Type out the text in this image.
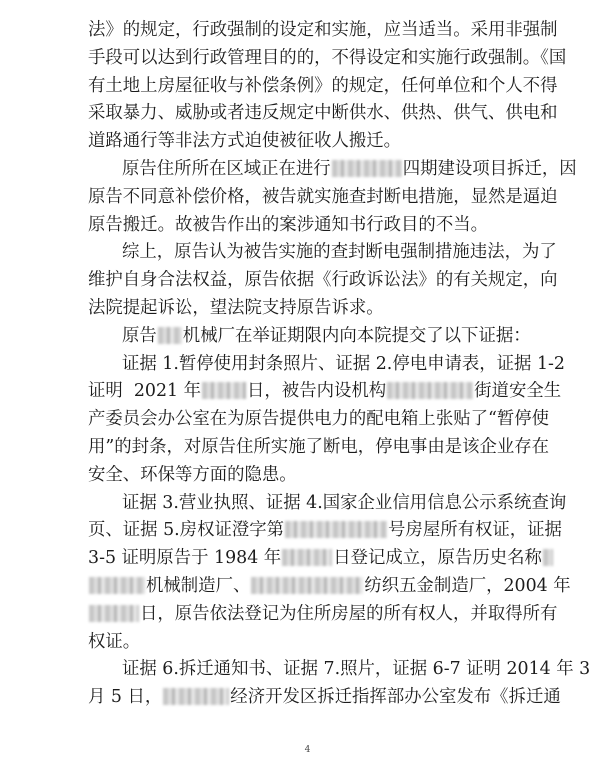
法》的规定，行政强制的设定和实施，应当适当。采用非强制
手段可以达到行政管理目的的，不得设定和实施行政强制。《国
有土地上房屋征收与补偿条例》的规定，任何单位和个人不得
采取暴力、威胁或者违反规定中断供水、供热、供气、供电和
道路通行等非法方式迫使被征收人搬迁。
原告住所所在区域正在进行	四期建设项目拆迁，因
原告不同意补偿价格，被告就实施查封断电措施，显然是逼迫
原告搬迁。故被告作出的案涉通知书行政目的不当。
综上，原告认为被告实施的查封断电强制措施违法，为了
维护自身合法权益，原告依据《行政诉讼法》的有关规定，向
法院提起诉讼，望法院支持原告诉求。
原告 机械厂在举证期限内向本院提交了以下证据：
证据 1.暂停使用封条照片、证据 2.停电申请表，证据 1-2
证明  2021 年	日，被告内设机构	街道安全生
产委员会办公室在为原告提供电力的配电箱上张贴了“暂停使
用”的封条，对原告住所实施了断电，停电事由是该企业存在
安全、环保等方面的隐患。
证据 3.营业执照、证据 4.国家企业信用信息公示系统查询
页、证据 5.房权证澄字第	号房屋所有权证，证据
3-5 证明原告于 1984 年	日登记成立，原告历史名称
机械制造厂、	纺织五金制造厂，2004 年
日，原告依法登记为住所房屋的所有权人，并取得所有
权证。
证据 6.拆迁通知书、证据 7.照片，证据 6-7 证明 2014 年 3
月 5 日，	经济开发区拆迁指挥部办公室发布《拆迁通
4
